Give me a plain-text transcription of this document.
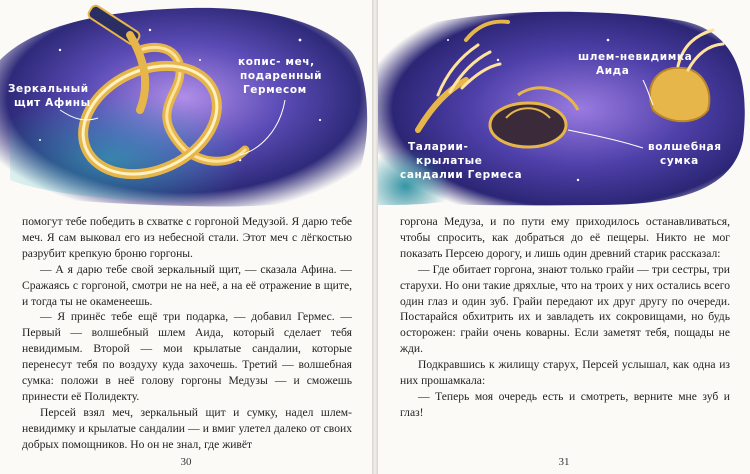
Зеркальный
щит Афины
копис- меч,
подаренный
Гермесом

помогут тебе победить в схватке с горгоной Медузой. Я дарю тебе меч. Я сам выковал его из небесной стали. Этот меч с лёгкостью разрубит крепкую броню горгоны.

— А я дарю тебе свой зеркальный щит, — сказала Афина. — Сражаясь с горгоной, смотри не на неё, а на её отражение в щите, и тогда ты не окаменеешь.

— Я принёс тебе ещё три подарка, — добавил Гермес. — Первый — волшебный шлем Аида, который сделает тебя невидимым. Второй — мои крылатые сандалии, которые перенесут тебя по воздуху куда захочешь. Третий — волшебная сумка: положи в неё голову горгоны Медузы — и сможешь принести её Полидекту.

Персей взял меч, зеркальный щит и сумку, надел шлем-невидимку и крылатые сандалии — и вмиг улетел далеко от своих добрых помощников. Но он не знал, где живёт

30
шлем-невидимка
Аида
Таларии-
крылатые
сандалии Гермеса
волшебная
сумка

горгона Медуза, и по пути ему приходилось останавливаться, чтобы спросить, как добраться до её пещеры. Никто не мог показать Персею дорогу, и лишь один древний старик рассказал:

— Где обитает горгона, знают только грайи — три сестры, три старухи. Но они такие дряхлые, что на троих у них остались всего один глаз и один зуб. Грайи передают их друг другу по очереди. Постарайся обхитрить их и завладеть их сокровищами, но будь осторожен: грайи очень коварны. Если заметят тебя, пощады не жди.

Подкравшись к жилищу старух, Персей услышал, как одна из них прошамкала:

— Теперь моя очередь есть и смотреть, верните мне зуб и глаз!

31
